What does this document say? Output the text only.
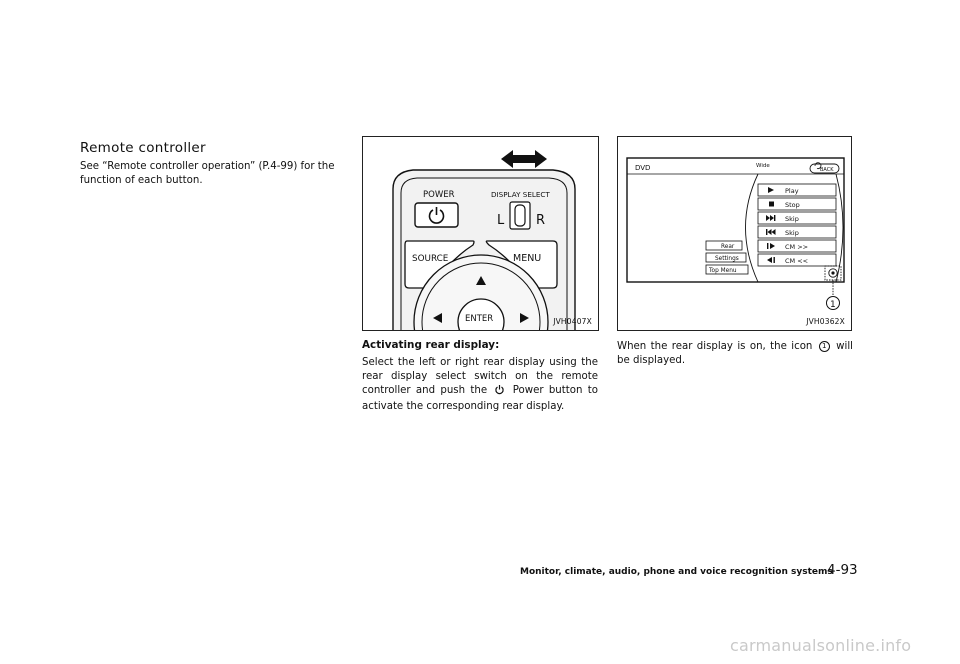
Remote controller
See “Remote controller operation” (P.4-99) for the function of each button.
POWER	DISPLAY SELECT
L R
SOURCE	MENU
ENTER	JVH0407X
DVD	Wide
BACK
Play
Stop
Skip
Skip
CM >>
CM <<
Rear
Settings
Top Menu
1
JVH0362X
Activating rear display:
Select the left or right rear display using the rear display select switch on the remote controller and push the	Power button to activate the corresponding rear display.
When the rear display is on, the icon 1 will be displayed.
Monitor, climate, audio, phone and voice recognition systems
4-93
carmanualsonline.info
